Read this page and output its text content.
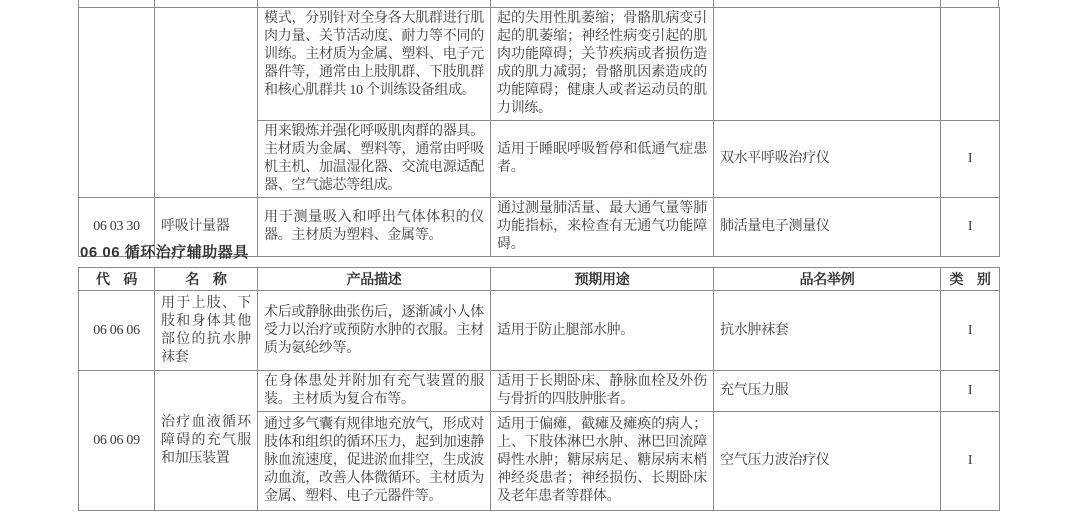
		模式，分别针对全身各大肌群进行肌肉力量、关节活动度、耐力等不同的训练。主材质为金属、塑料、电子元器件等，通常由上肢肌群、下肢肌群和核心肌群共 10 个训练设备组成。	起的失用性肌萎缩；骨骼肌病变引起的肌萎缩；神经性病变引起的肌肉功能障碍；关节疾病或者损伤造成的肌力减弱；骨骼肌因素造成的功能障碍；健康人或者运动员的肌力训练。		
		用来锻炼并强化呼吸肌肉群的器具。主材质为金属、塑料等，通常由呼吸机主机、加温湿化器、交流电源适配器、空气滤芯等组成。	适用于睡眠呼吸暂停和低通气症患者。	双水平呼吸治疗仪	I
06 03 30	呼吸计量器	用于测量吸入和呼出气体体积的仪器。主材质为塑料、金属等。	通过测量肺活量、最大通气量等肺功能指标，来检查有无通气功能障碍。	肺活量电子测量仪	I
06 06 循环治疗辅助器具
代　码	名　称	产品描述	预期用途	品名举例	类　别
06 06 06	用于上肢、下肢和身体其他部位的抗水肿袜套	术后或静脉曲张伤后，逐渐减小人体受力以治疗或预防水肿的衣服。主材质为氨纶纱等。	适用于防止腿部水肿。	抗水肿袜套	I
06 06 09	治疗血液循环障碍的充气服和加压装置	在身体患处并附加有充气装置的服装。主材质为复合布等。	适用于长期卧床、静脉血栓及外伤与骨折的四肢肿胀者。	充气压力服	I
		通过多气囊有规律地充放气，形成对肢体和组织的循环压力，起到加速静脉血流速度，促进淤血排空，生成波动血流，改善人体微循环。主材质为金属、塑料、电子元器件等。	适用于偏瘫，截瘫及瘫痪的病人；上、下肢体淋巴水肿、淋巴回流障碍性水肿；糖尿病足、糖尿病末梢神经炎患者；神经损伤、长期卧床及老年患者等群体。	空气压力波治疗仪	I
